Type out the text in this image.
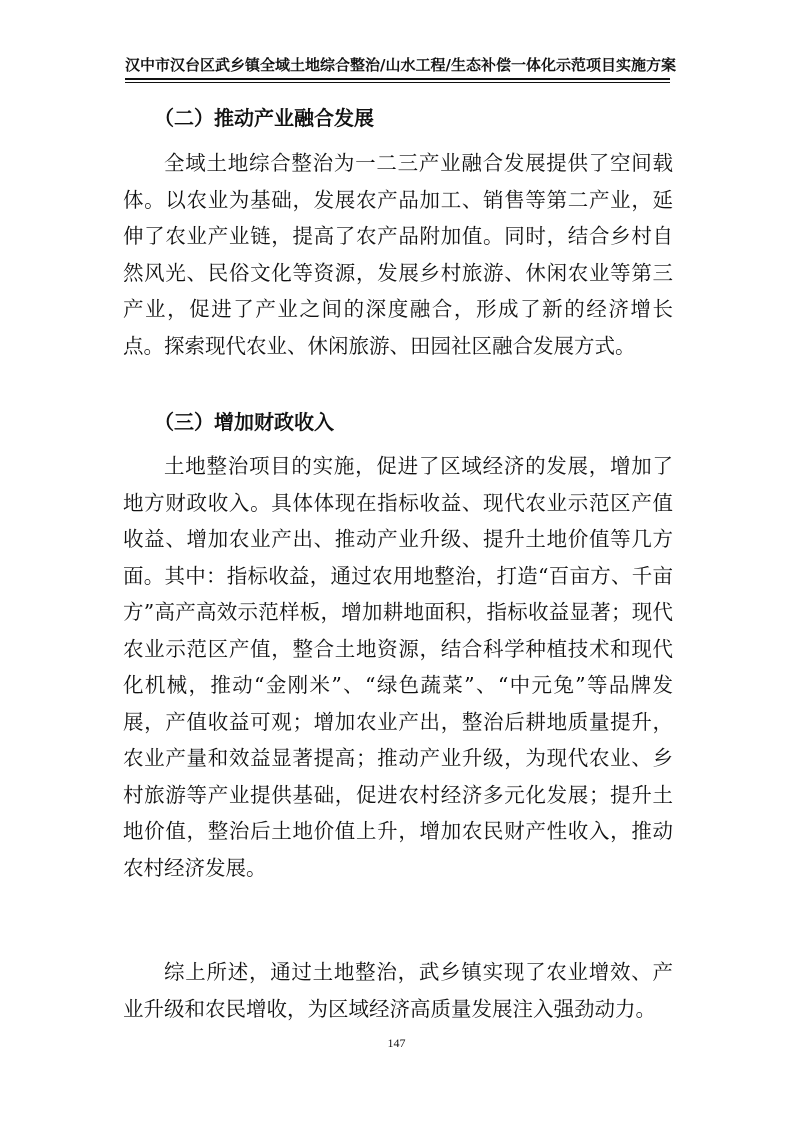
汉中市汉台区武乡镇全域土地综合整治/山水工程/生态补偿一体化示范项目实施方案
（二）推动产业融合发展

全域土地综合整治为一二三产业融合发展提供了空间载体。以农业为基础，发展农产品加工、销售等第二产业，延伸了农业产业链，提高了农产品附加值。同时，结合乡村自然风光、民俗文化等资源，发展乡村旅游、休闲农业等第三产业，促进了产业之间的深度融合，形成了新的经济增长点。探索现代农业、休闲旅游、田园社区融合发展方式。

（三）增加财政收入

土地整治项目的实施，促进了区域经济的发展，增加了地方财政收入。具体体现在指标收益、现代农业示范区产值收益、增加农业产出、推动产业升级、提升土地价值等几方面。其中：指标收益，通过农用地整治，打造“百亩方、千亩方”高产高效示范样板，增加耕地面积，指标收益显著；现代农业示范区产值，整合土地资源，结合科学种植技术和现代化机械，推动“金刚米”、“绿色蔬菜”、“中元兔”等品牌发展，产值收益可观；增加农业产出，整治后耕地质量提升，农业产量和效益显著提高；推动产业升级，为现代农业、乡村旅游等产业提供基础，促进农村经济多元化发展；提升土地价值，整治后土地价值上升，增加农民财产性收入，推动农村经济发展。

综上所述，通过土地整治，武乡镇实现了农业增效、产业升级和农民增收，为区域经济高质量发展注入强劲动力。

147
